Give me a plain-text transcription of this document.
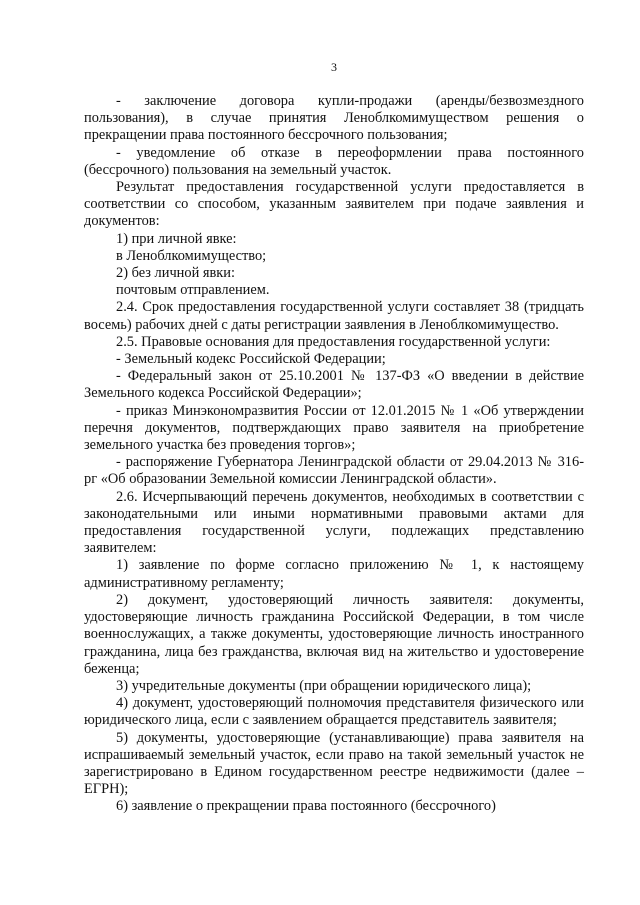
3

- заключение договора купли-продажи (аренды/безвозмездного пользования), в случае принятия Леноблкомимуществом решения о прекращении права постоянного бессрочного пользования;

- уведомление об отказе в переоформлении права постоянного (бессрочного) пользования на земельный участок.

Результат предоставления государственной услуги предоставляется в соответствии со способом, указанным заявителем при подаче заявления и документов:

1) при личной явке:

в Леноблкомимущество;

2) без личной явки:

почтовым отправлением.

2.4. Срок предоставления государственной услуги составляет 38 (тридцать восемь) рабочих дней с даты регистрации заявления в Леноблкомимущество.

2.5. Правовые основания для предоставления государственной услуги:

- Земельный кодекс Российской Федерации;

- Федеральный закон от 25.10.2001 № 137-ФЗ «О введении в действие Земельного кодекса Российской Федерации»;

- приказ Минэкономразвития России от 12.01.2015 № 1 «Об утверждении перечня документов, подтверждающих право заявителя на приобретение земельного участка без проведения торгов»;

- распоряжение Губернатора Ленинградской области от 29.04.2013 № 316-рг «Об образовании Земельной комиссии Ленинградской области».

2.6. Исчерпывающий перечень документов, необходимых в соответствии с законодательными или иными нормативными правовыми актами для предоставления государственной услуги, подлежащих представлению заявителем:

1) заявление по форме согласно приложению № 1, к настоящему административному регламенту;

2) документ, удостоверяющий личность заявителя: документы, удостоверяющие личность гражданина Российской Федерации, в том числе военнослужащих, а также документы, удостоверяющие личность иностранного гражданина, лица без гражданства, включая вид на жительство и удостоверение беженца;

3) учредительные документы (при обращении юридического лица);

4) документ, удостоверяющий полномочия представителя физического или юридического лица, если с заявлением обращается представитель заявителя;

5) документы, удостоверяющие (устанавливающие) права заявителя на испрашиваемый земельный участок, если право на такой земельный участок не зарегистрировано в Едином государственном реестре недвижимости (далее – ЕГРН);

6) заявление о прекращении права постоянного (бессрочного)
